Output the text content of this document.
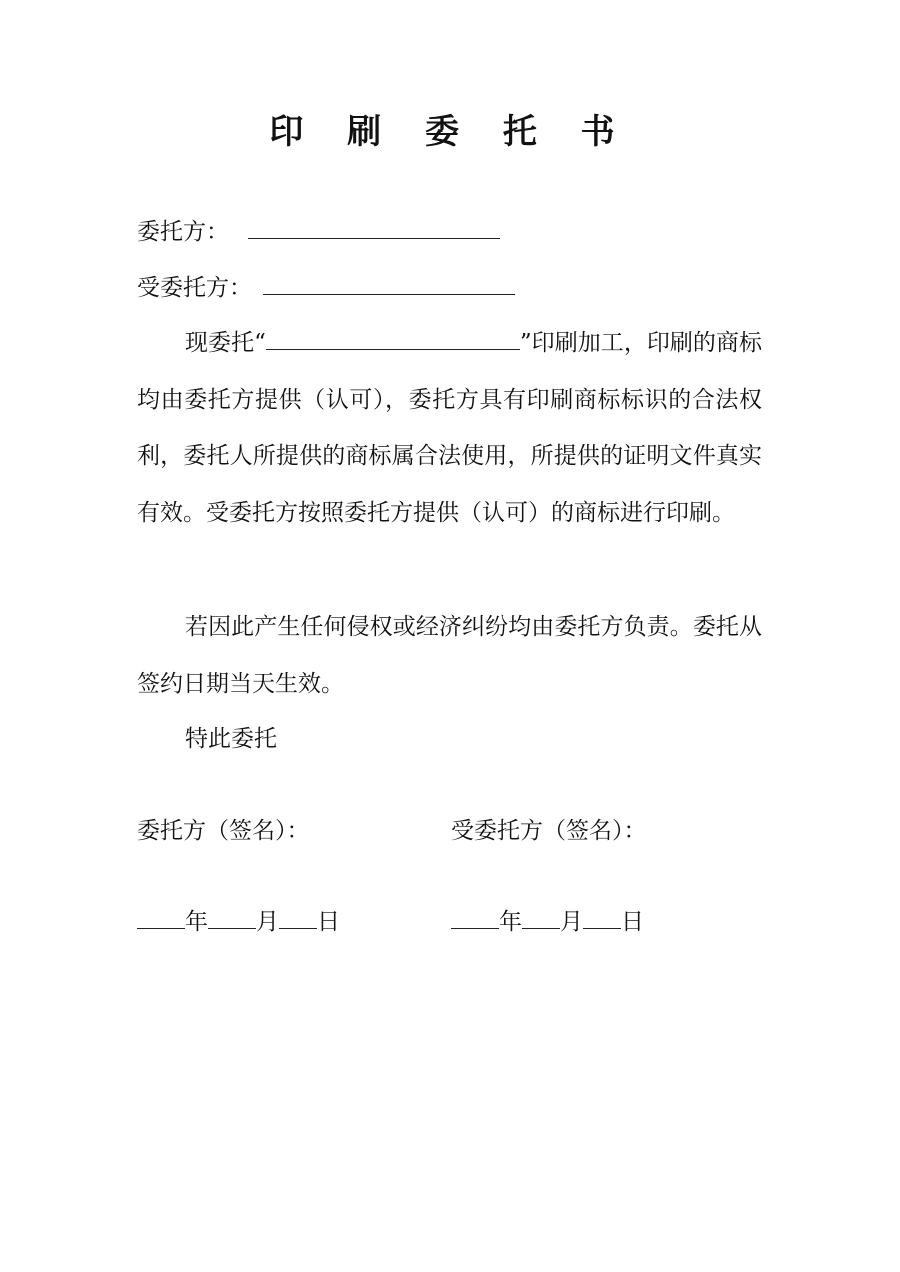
印 刷 委 托 书
委托方：
受委托方：
现委托“	”印刷加工，印刷的商标均由委托方提供（认可），委托方具有印刷商标标识的合法权利，委托人所提供的商标属合法使用，所提供的证明文件真实有效。受委托方按照委托方提供（认可）的商标进行印刷。
若因此产生任何侵权或经济纠纷均由委托方负责。委托从签约日期当天生效。
特此委托
委托方（签名）：	受委托方（签名）：
年 月 日	年 月 日
